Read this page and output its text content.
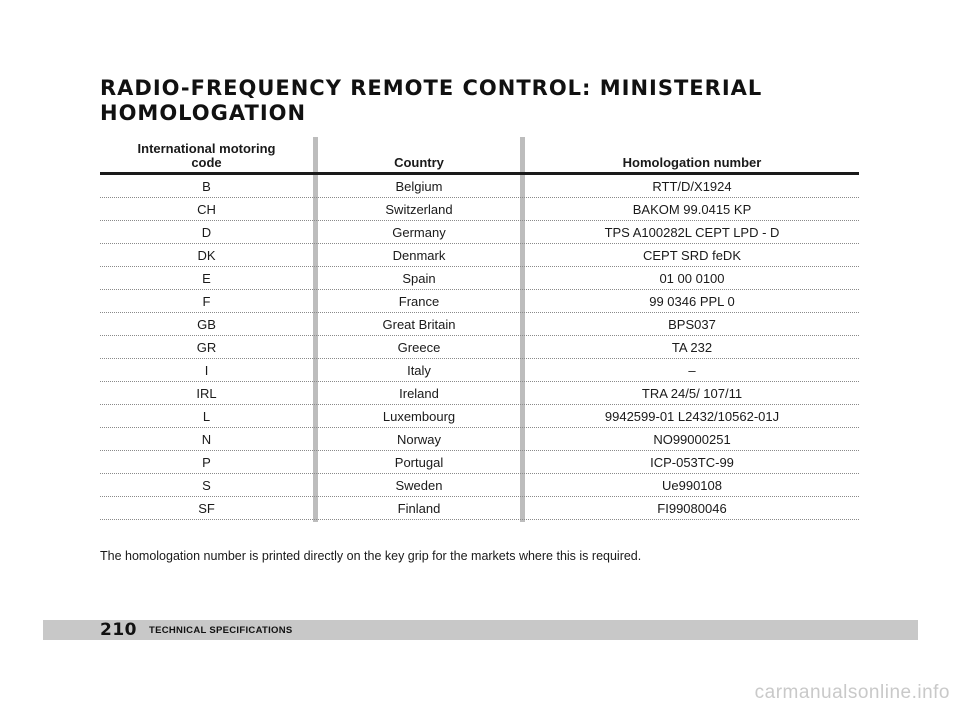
RADIO-FREQUENCY REMOTE CONTROL: MINISTERIAL
HOMOLOGATION
International motoring
code	Country	Homologation number
B	Belgium	RTT/D/X1924
CH	Switzerland	BAKOM 99.0415 KP
D	Germany	TPS A100282L CEPT LPD - D
DK	Denmark	CEPT SRD feDK
E	Spain	01 00 0100
F	France	99 0346 PPL 0
GB	Great Britain	BPS037
GR	Greece	TA 232
I	Italy	–
IRL	Ireland	TRA 24/5/ 107/11
L	Luxembourg	9942599-01 L2432/10562-01J
N	Norway	NO99000251
P	Portugal	ICP-053TC-99
S	Sweden	Ue990108
SF	Finland	FI99080046

The homologation number is printed directly on the key grip for the markets where this is required.

210 TECHNICAL SPECIFICATIONS

carmanualsonline.info
